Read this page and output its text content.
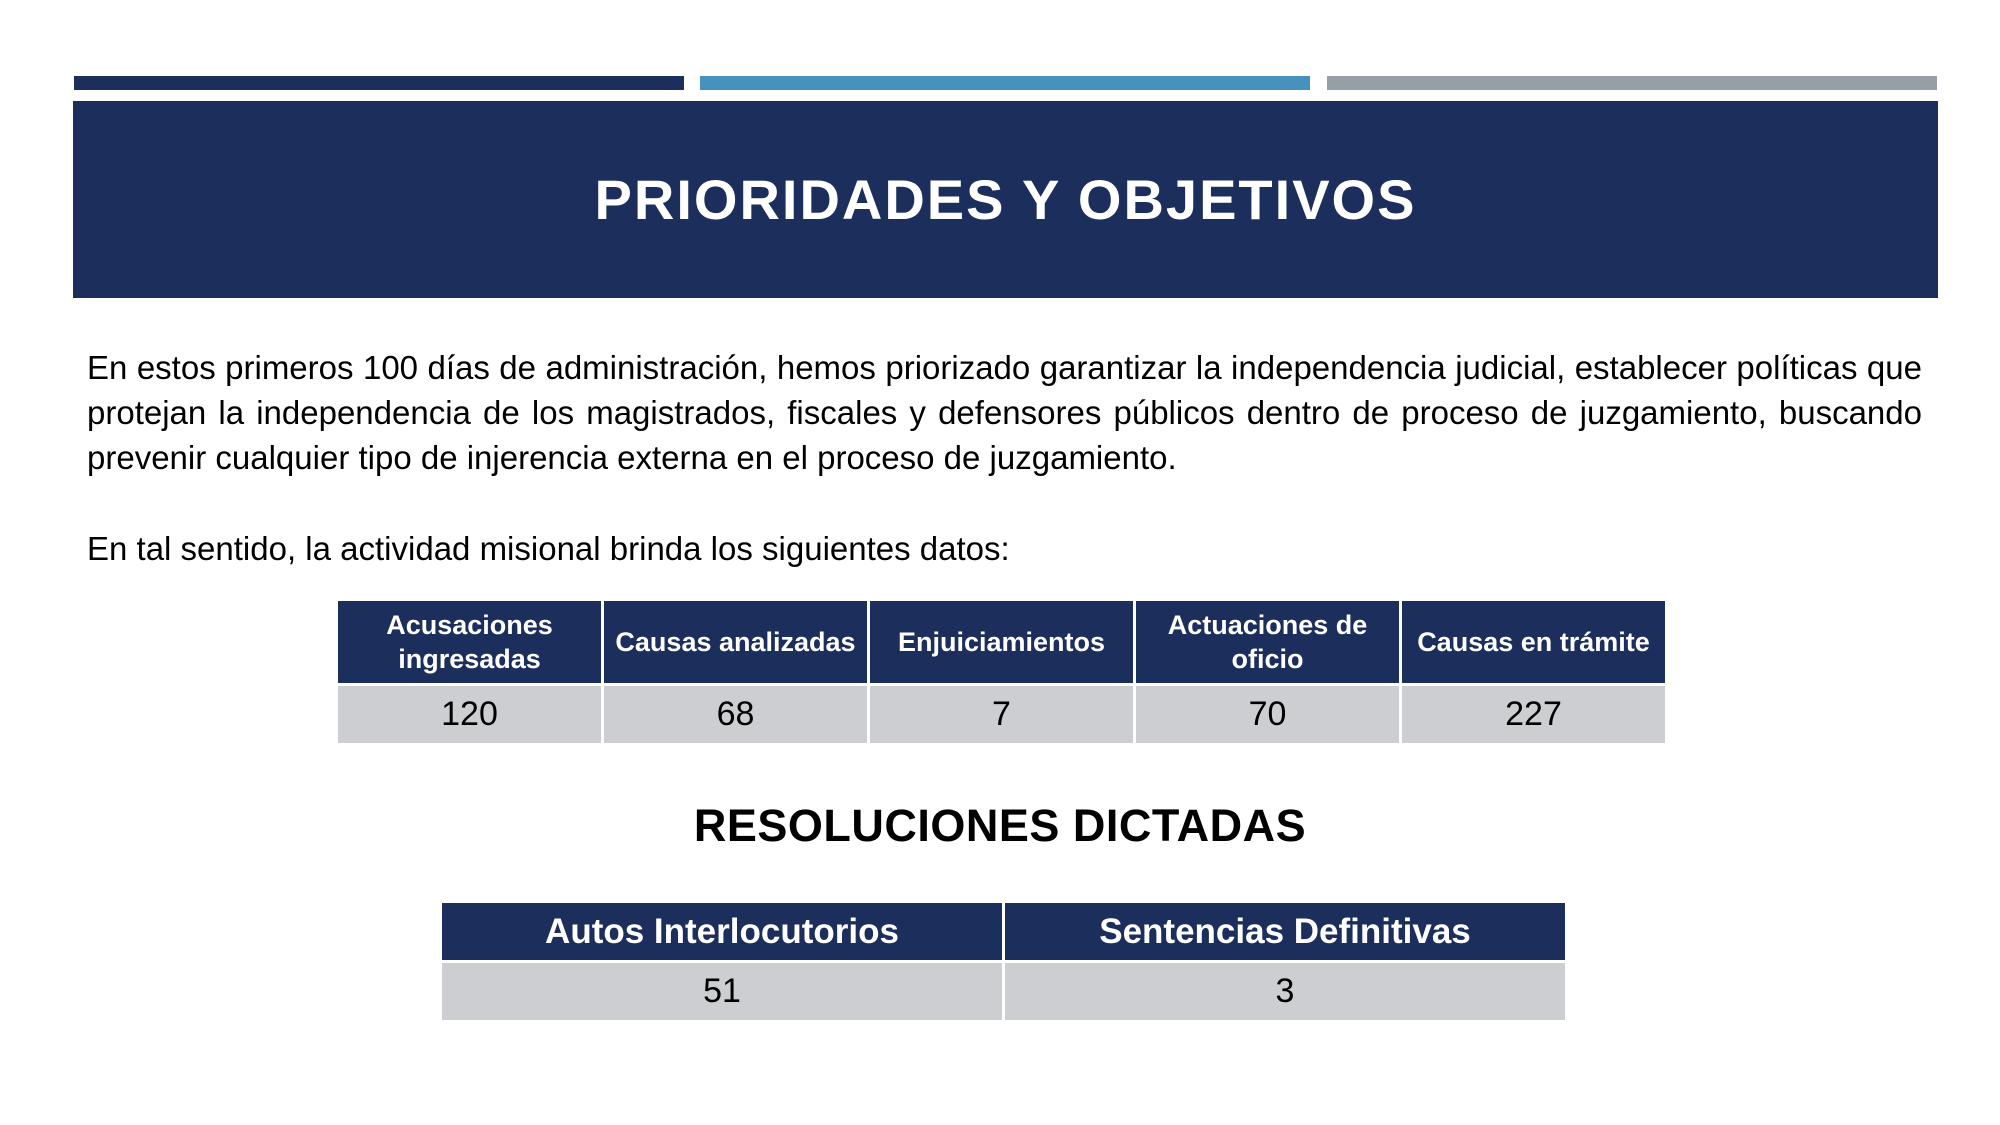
PRIORIDADES Y OBJETIVOS

En estos primeros 100 días de administración, hemos priorizado garantizar la independencia judicial, establecer políticas que protejan la independencia de los magistrados, fiscales y defensores públicos dentro de proceso de juzgamiento, buscando prevenir cualquier tipo de injerencia externa en el proceso de juzgamiento.

En tal sentido, la actividad misional brinda los siguientes datos:

Acusaciones ingresadas	Causas analizadas	Enjuiciamientos	Actuaciones de oficio	Causas en trámite
120	68	7	70	227
RESOLUCIONES DICTADAS
Autos Interlocutorios	Sentencias Definitivas
51	3
